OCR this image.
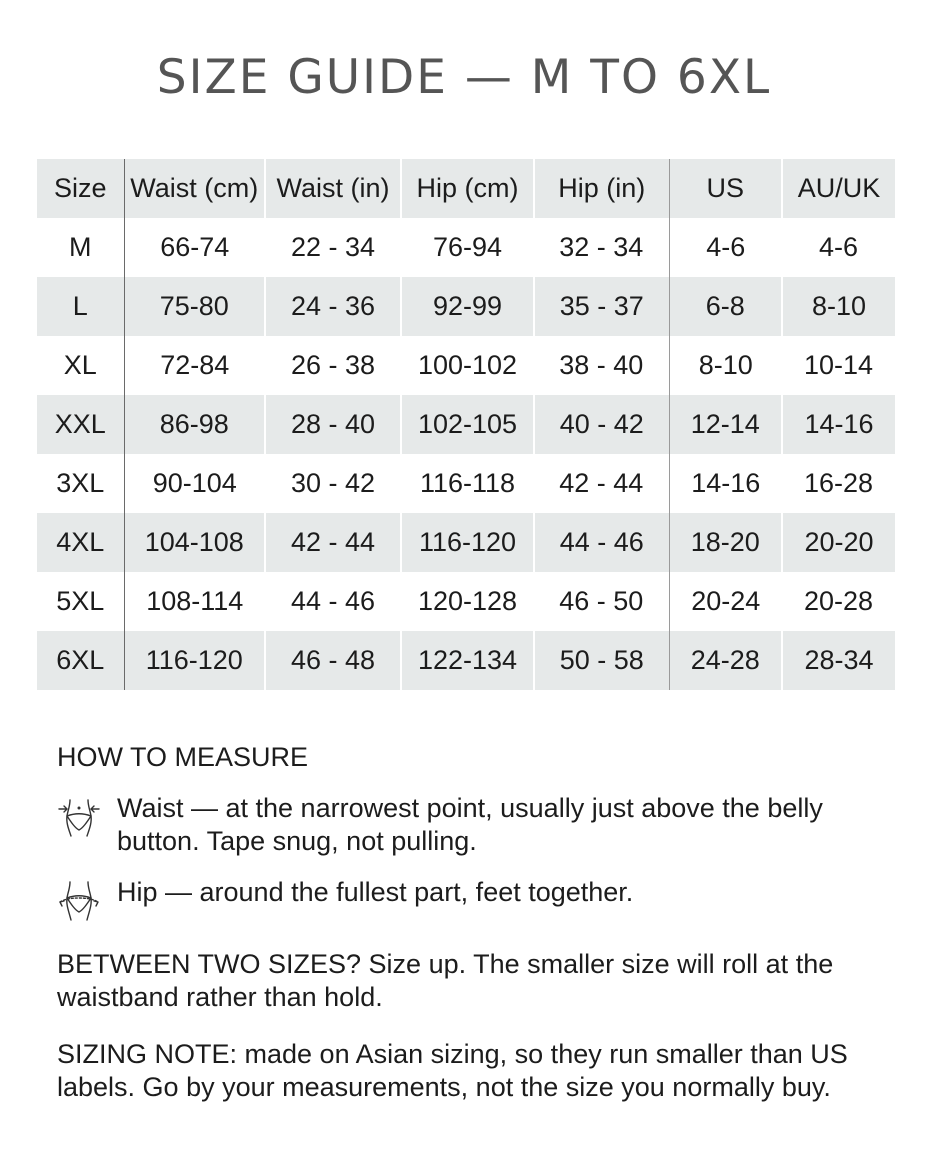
SIZE GUIDE — M TO 6XL
Size	Waist (cm)	Waist (in)	Hip (cm)	Hip (in)	US	AU/UK
M	66-74	22 - 34	76-94	32 - 34	4-6	4-6
L	75-80	24 - 36	92-99	35 - 37	6-8	8-10
XL	72-84	26 - 38	100-102	38 - 40	8-10	10-14
XXL	86-98	28 - 40	102-105	40 - 42	12-14	14-16
3XL	90-104	30 - 42	116-118	42 - 44	14-16	16-28
4XL	104-108	42 - 44	116-120	44 - 46	18-20	20-20
5XL	108-114	44 - 46	120-128	46 - 50	20-24	20-28
6XL	116-120	46 - 48	122-134	50 - 58	24-28	28-34
HOW TO MEASURE
Waist — at the narrowest point, usually just above the belly button. Tape snug, not pulling.
Hip — around the fullest part, feet together.

BETWEEN TWO SIZES? Size up. The smaller size will roll at the waistband rather than hold.

SIZING NOTE: made on Asian sizing, so they run smaller than US labels. Go by your measurements, not the size you normally buy.
